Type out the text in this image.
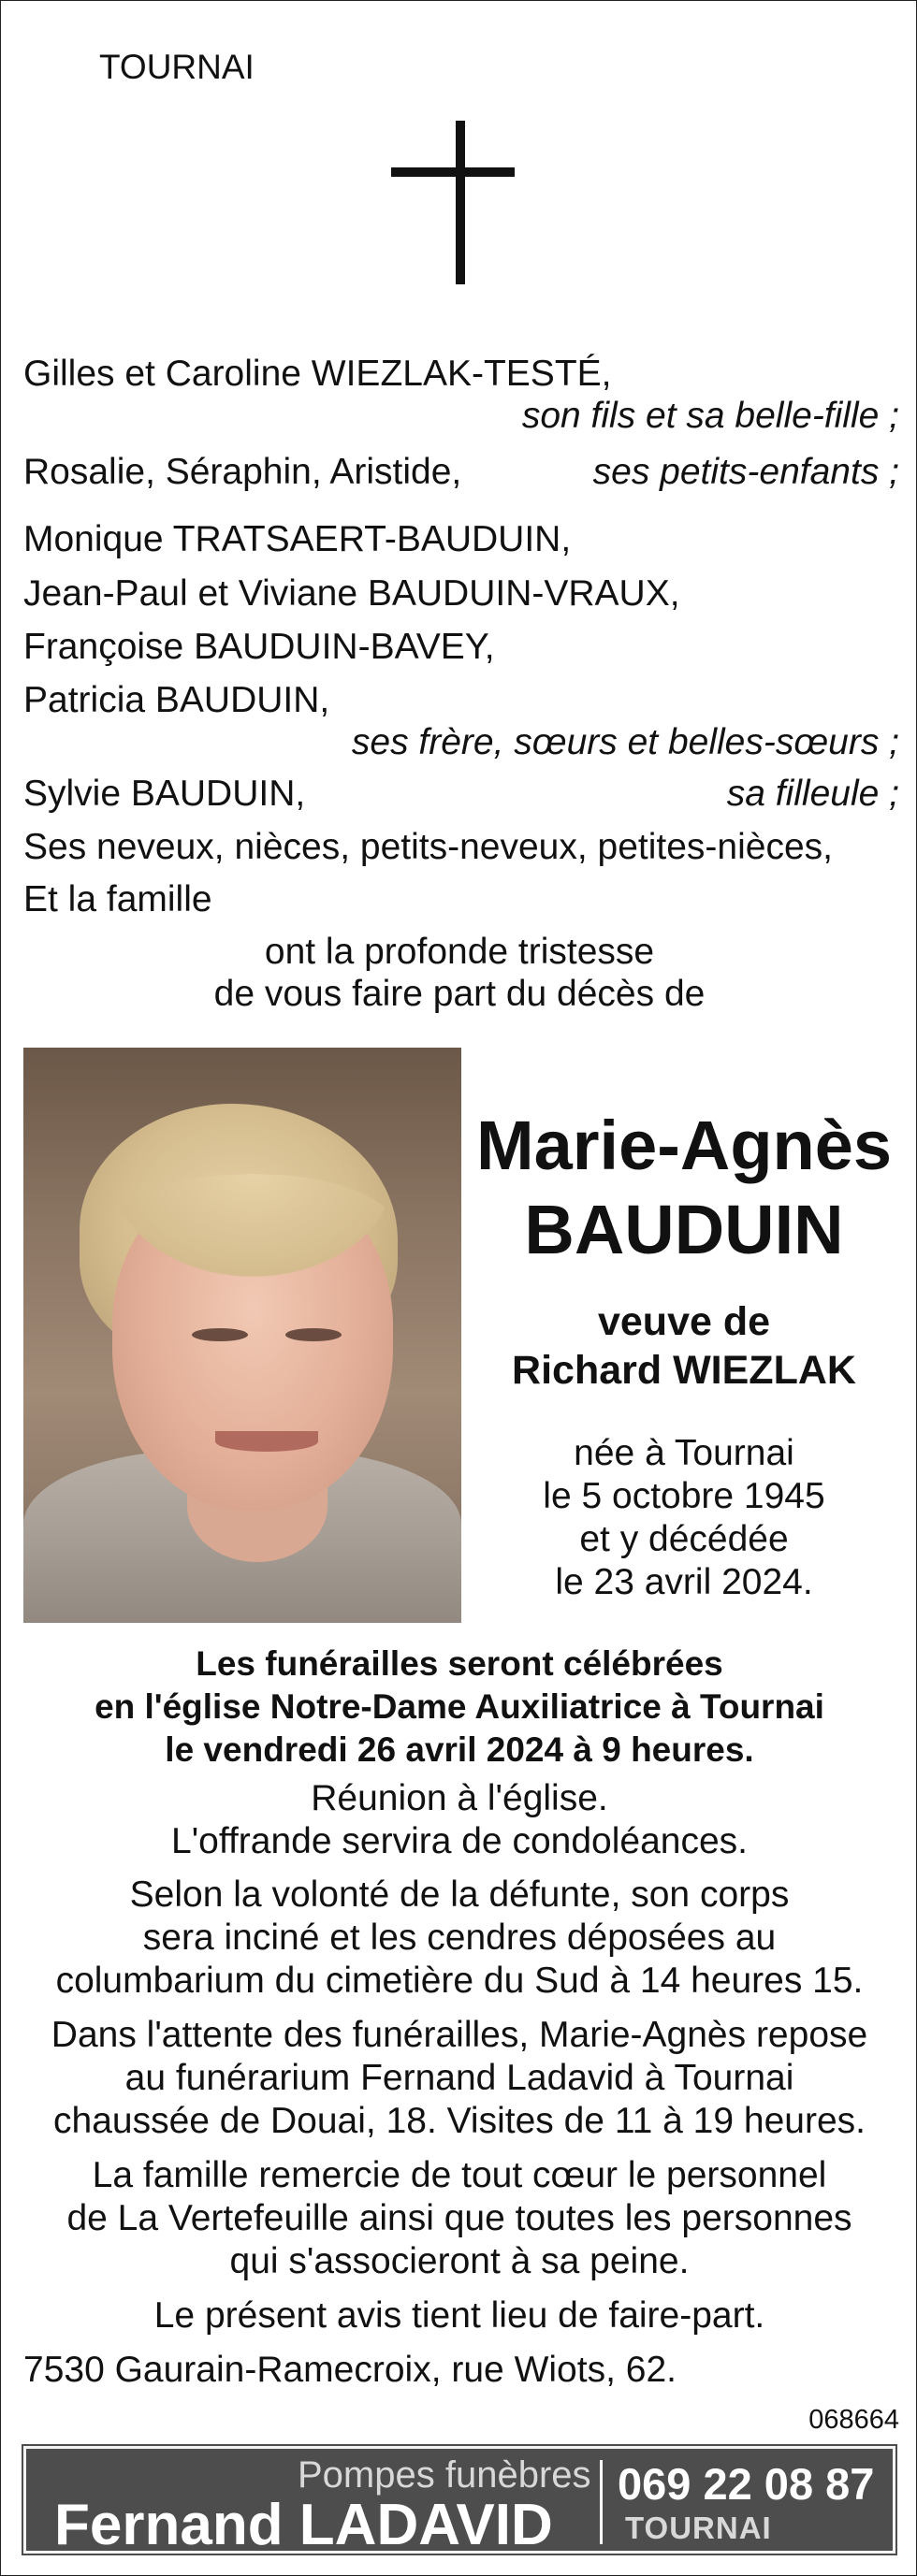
TOURNAI
Gilles et Caroline WIEZLAK-TESTÉ,
son fils et sa belle-fille ;
Rosalie, Séraphin, Aristide,	ses petits-enfants ;
Monique TRATSAERT-BAUDUIN,
Jean-Paul et Viviane BAUDUIN-VRAUX,
Françoise BAUDUIN-BAVEY,
Patricia BAUDUIN,
ses frère, sœurs et belles-sœurs ;
Sylvie BAUDUIN,	sa filleule ;
Ses neveux, nièces, petits-neveux, petites-nièces,
Et la famille
ont la profonde tristesse
de vous faire part du décès de
Marie-Agnès
BAUDUIN
veuve de
Richard WIEZLAK
née à Tournai
le 5 octobre 1945
et y décédée
le 23 avril 2024.
Les funérailles seront célébrées
en l'église Notre-Dame Auxiliatrice à Tournai
le vendredi 26 avril 2024 à 9 heures.
Réunion à l'église.
L'offrande servira de condoléances.
Selon la volonté de la défunte, son corps
sera inciné et les cendres déposées au
columbarium du cimetière du Sud à 14 heures 15.
Dans l'attente des funérailles, Marie-Agnès repose
au funérarium Fernand Ladavid à Tournai
chaussée de Douai, 18. Visites de 11 à 19 heures.
La famille remercie de tout cœur le personnel
de La Vertefeuille ainsi que toutes les personnes
qui s'associeront à sa peine.
Le présent avis tient lieu de faire-part.
7530 Gaurain-Ramecroix, rue Wiots, 62.
068664
Pompes funèbres
Fernand LADAVID
069 22 08 87
TOURNAI
